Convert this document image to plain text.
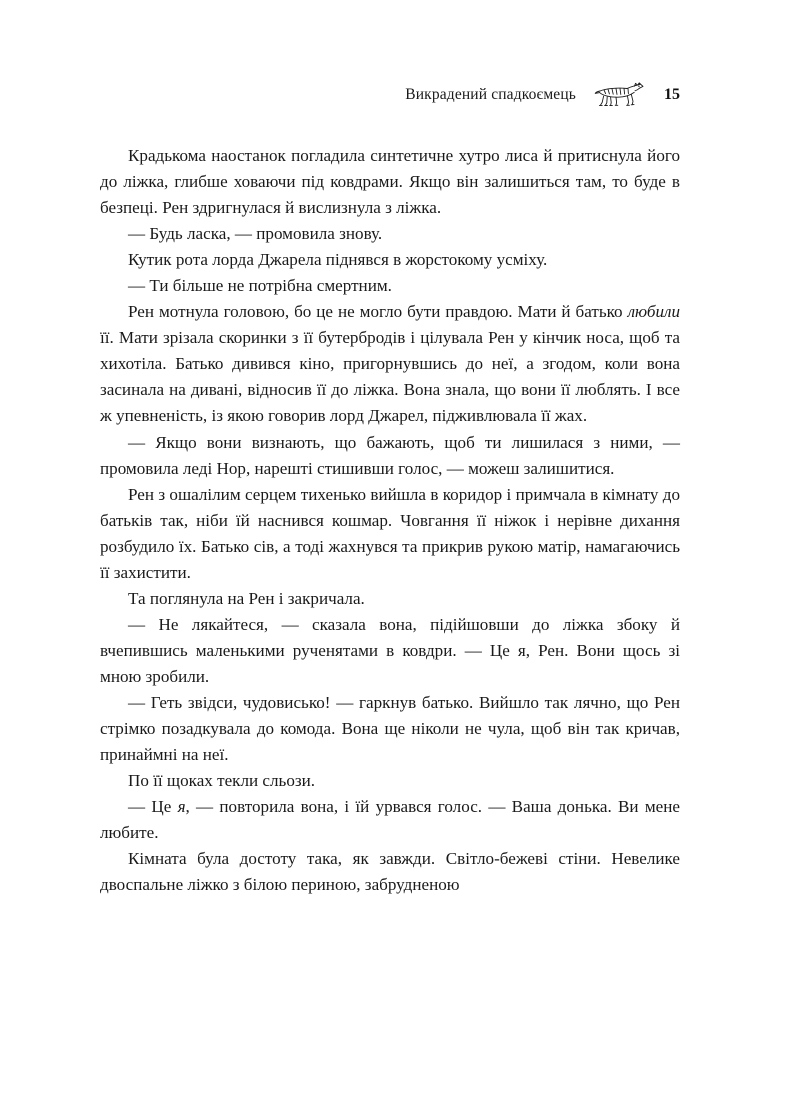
Викрадений спадкоємець	15

Крадькома наостанок погладила синтетичне хутро лиса й притиснула його до ліжка, глибше ховаючи під ковдрами. Якщо він залишиться там, то буде в безпеці. Рен здригнулася й вислизнула з ліжка.

— Будь ласка, — промовила знову.

Кутик рота лорда Джарела піднявся в жорстокому усміху.

— Ти більше не потрібна смертним.

Рен мотнула головою, бо це не могло бути правдою. Мати й батько любили її. Мати зрізала скоринки з її бутербродів і цілувала Рен у кінчик носа, щоб та хихотіла. Батько дивився кіно, пригорнувшись до неї, а згодом, коли вона засинала на дивані, відносив її до ліжка. Вона знала, що вони її люблять. І все ж упевненість, із якою говорив лорд Джарел, підживлювала її жах.

— Якщо вони визнають, що бажають, щоб ти лишилася з ними, — промовила леді Нор, нарешті стишивши голос, — можеш залишитися.

Рен з ошалілим серцем тихенько вийшла в коридор і примчала в кімнату до батьків так, ніби їй наснився кошмар. Човгання її ніжок і нерівне дихання розбудило їх. Батько сів, а тоді жахнувся та прикрив рукою матір, намагаючись її захистити.

Та поглянула на Рен і закричала.

— Не лякайтеся, — сказала вона, підійшовши до ліжка збоку й вчепившись маленькими рученятами в ковдри. — Це я, Рен. Вони щось зі мною зробили.

— Геть звідси, чудовисько! — гаркнув батько. Вийшло так лячно, що Рен стрімко позадкувала до комода. Вона ще ніколи не чула, щоб він так кричав, принаймні на неї.

По її щоках текли сльози.

— Це я, — повторила вона, і їй урвався голос. — Ваша донька. Ви мене любите.

Кімната була достоту така, як завжди. Світло-бежеві стіни. Невелике двоспальне ліжко з білою периною, забрудненою
